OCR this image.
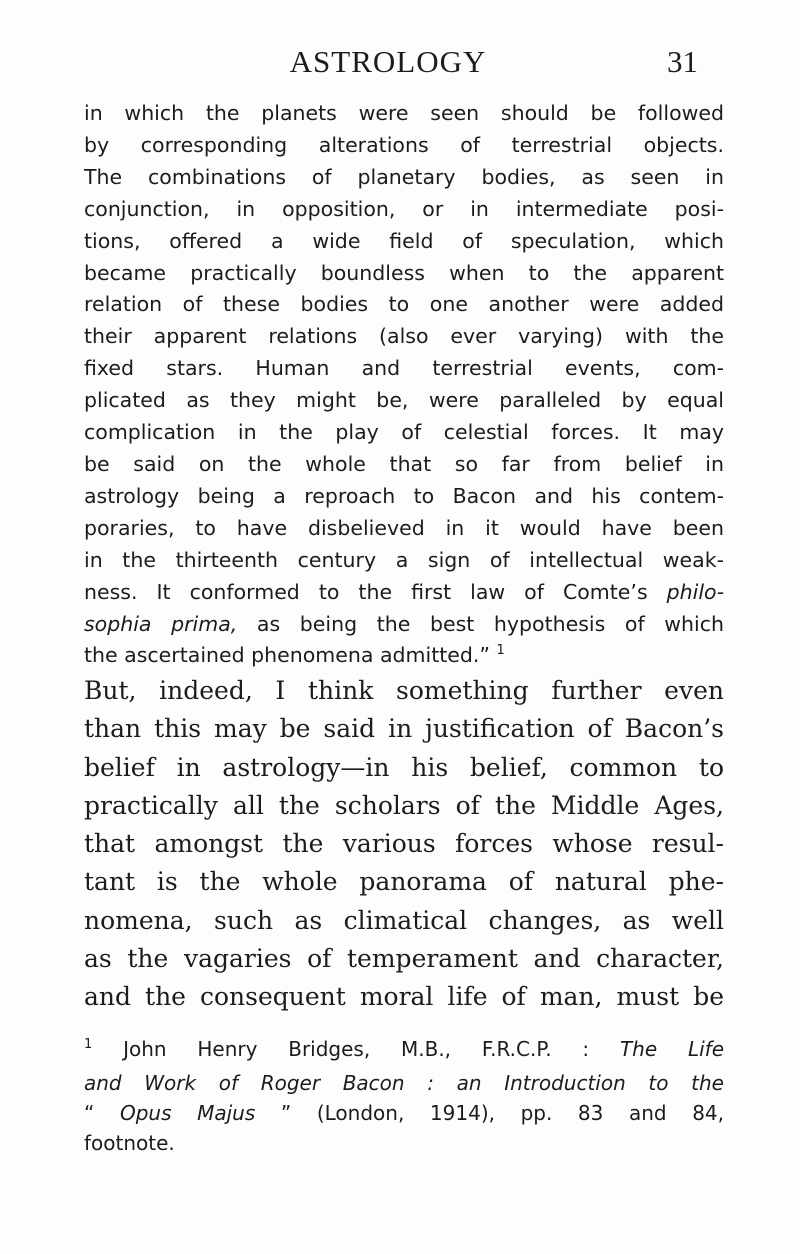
ASTROLOGY	31
in which the planets were seen should be followed
by corresponding alterations of terrestrial objects.
The combinations of planetary bodies, as seen in
conjunction, in opposition, or in intermediate posi-
tions, offered a wide field of speculation, which
became practically boundless when to the apparent
relation of these bodies to one another were added
their apparent relations (also ever varying) with the
fixed stars. Human and terrestrial events, com-
plicated as they might be, were paralleled by equal
complication in the play of celestial forces. It may
be said on the whole that so far from belief in
astrology being a reproach to Bacon and his contem-
poraries, to have disbelieved in it would have been
in the thirteenth century a sign of intellectual weak-
ness. It conformed to the first law of Comte’s philo-
sophia prima, as being the best hypothesis of which
the ascertained phenomena admitted.” $^1$
But, indeed, I think something further even
than this may be said in justification of Bacon’s
belief in astrology—in his belief, common to
practically all the scholars of the Middle Ages,
that amongst the various forces whose resul-
tant is the whole panorama of natural phe-
nomena, such as climatical changes, as well
as the vagaries of temperament and character,
and the consequent moral life of man, must be
$^1$ John Henry Bridges, M.B., F.R.C.P. : The Life
and Work of Roger Bacon : an Introduction to the
“ Opus Majus ” (London, 1914), pp. 83 and 84,
footnote.
